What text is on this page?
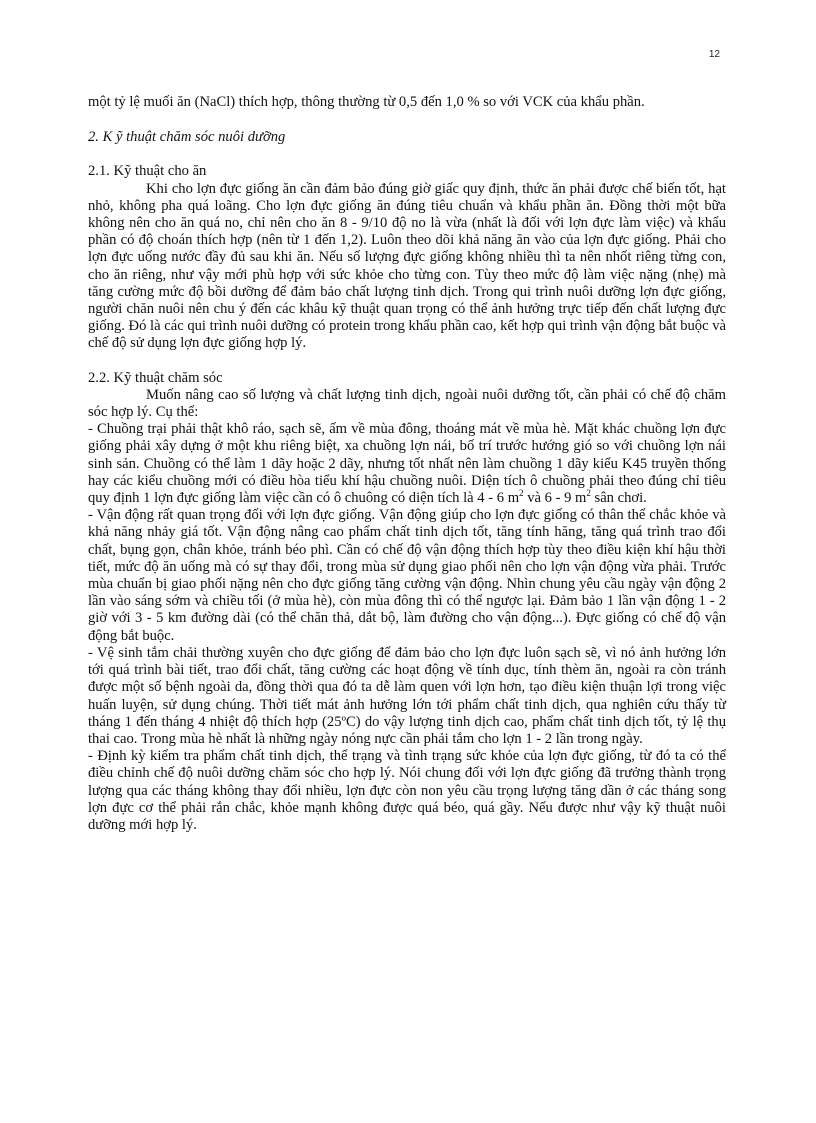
12

một tỷ lệ muối ăn (NaCl) thích hợp, thông thường từ 0,5 đến 1,0 % so với VCK của khẩu phần.

2. K ỹ thuật chăm sóc nuôi dưỡng

2.1. Kỹ thuật cho ăn

Khi cho lợn đực giống ăn cần đảm bảo đúng giờ giấc quy định, thức ăn phải được chế biến tốt, hạt nhỏ, không pha quá loãng. Cho lợn đực giống ăn đúng tiêu chuẩn và khẩu phần ăn. Đồng thời một bữa không nên cho ăn quá no, chỉ nên cho ăn 8 - 9/10 độ no là vừa (nhất là đối với lợn đực làm việc) và khẩu phần có độ choán thích hợp (nên từ 1 đến 1,2). Luôn theo dõi khả năng ăn vào của lợn đực giống. Phải cho lợn đực uống nước đầy đủ sau khi ăn. Nếu số lượng đực giống không nhiều thì ta nên nhốt riêng từng con, cho ăn riêng, như vậy mới phù hợp với sức khỏe cho từng con. Tùy theo mức độ làm việc nặng (nhẹ) mà tăng cường mức độ bồi dưỡng để đảm bảo chất lượng tinh dịch. Trong qui trình nuôi dưỡng lợn đực giống, người chăn nuôi nên chu ý đến các khâu kỹ thuật quan trọng có thể ảnh hưởng trực tiếp đến chất lượng đực giống. Đó là các qui trình nuôi dưỡng có protein trong khẩu phần cao, kết hợp qui trình vận động bắt buộc và chế độ sử dụng lợn đực giống hợp lý.

2.2. Kỹ thuật chăm sóc

Muốn nâng cao số lượng và chất lượng tinh dịch, ngoài nuôi dưỡng tốt, cần phải có chế độ chăm sóc hợp lý. Cụ thể:

- Chuồng trại phải thật khô ráo, sạch sẽ, ấm về mùa đông, thoáng mát về mùa hè. Mặt khác chuồng lợn đực giống phải xây dựng ở một khu riêng biệt, xa chuồng lợn nái, bố trí trước hướng gió so với chuồng lợn nái sinh sản. Chuồng có thể làm 1 dãy hoặc 2 dãy, nhưng tốt nhất nên làm chuồng 1 dãy kiểu K45 truyền thống hay các kiểu chuồng mới có điều hòa tiểu khí hậu chuồng nuôi. Diện tích ô chuồng phải theo đúng chỉ tiêu quy định 1 lợn đực giống làm việc cần có ô chuông có diện tích là 4 - 6 $m^2$ và 6 - 9 $m^2$ sân chơi.

- Vận động rất quan trọng đối với lợn đực giống. Vận động giúp cho lợn đực giống có thân thể chắc khỏe và khả năng nhảy giá tốt. Vận động nâng cao phẩm chất tinh dịch tốt, tăng tính hăng, tăng quá trình trao đổi chất, bụng gọn, chân khỏe, tránh béo phì. Cần có chế độ vận động thích hợp tùy theo điều kiện khí hậu thời tiết, mức độ ăn uống mà có sự thay đổi, trong mùa sử dụng giao phối nên cho lợn vận động vừa phải. Trước mùa chuẩn bị giao phối nặng nên cho đực giống tăng cường vận động. Nhìn chung yêu cầu ngày vận động 2 lần vào sáng sớm và chiều tối (ở mùa hè), còn mùa đông thì có thể ngược lại. Đảm bảo 1 lần vận động 1 - 2 giờ với 3 - 5 km đường dài (có thể chăn thả, dắt bộ, làm đường cho vận động...). Đực giống có chế độ vận động bắt buộc.

- Vệ sinh tắm chải thường xuyên cho đực giống để đảm bảo cho lợn đực luôn sạch sẽ, vì nó ảnh hưởng lớn tới quá trình bài tiết, trao đổi chất, tăng cường các hoạt động về tính dục, tính thèm ăn, ngoài ra còn tránh được một số bệnh ngoài da, đồng thời qua đó ta dễ làm quen với lợn hơn, tạo điều kiện thuận lợi trong việc huấn luyện, sử dụng chúng. Thời tiết mát ảnh hưởng lớn tới phẩm chất tinh dịch, qua nghiên cứu thấy từ tháng 1 đến tháng 4 nhiệt độ thích hợp (25ºC) do vậy lượng tinh dịch cao, phẩm chất tinh dịch tốt, tỷ lệ thụ thai cao. Trong mùa hè nhất là những ngày nóng nực cần phải tắm cho lợn 1 - 2 lần trong ngày.

- Định kỳ kiểm tra phẩm chất tinh dịch, thể trạng và tình trạng sức khỏe của lợn đực giống, từ đó ta có thể điều chỉnh chế độ nuôi dưỡng chăm sóc cho hợp lý. Nói chung đối với lợn đực giống đã trưởng thành trọng lượng qua các tháng không thay đổi nhiều, lợn đực còn non yêu cầu trọng lượng tăng dần ở các tháng song lợn đực cơ thể phải rắn chắc, khỏe mạnh không được quá béo, quá gầy. Nếu được như vậy kỹ thuật nuôi dưỡng mới hợp lý.
